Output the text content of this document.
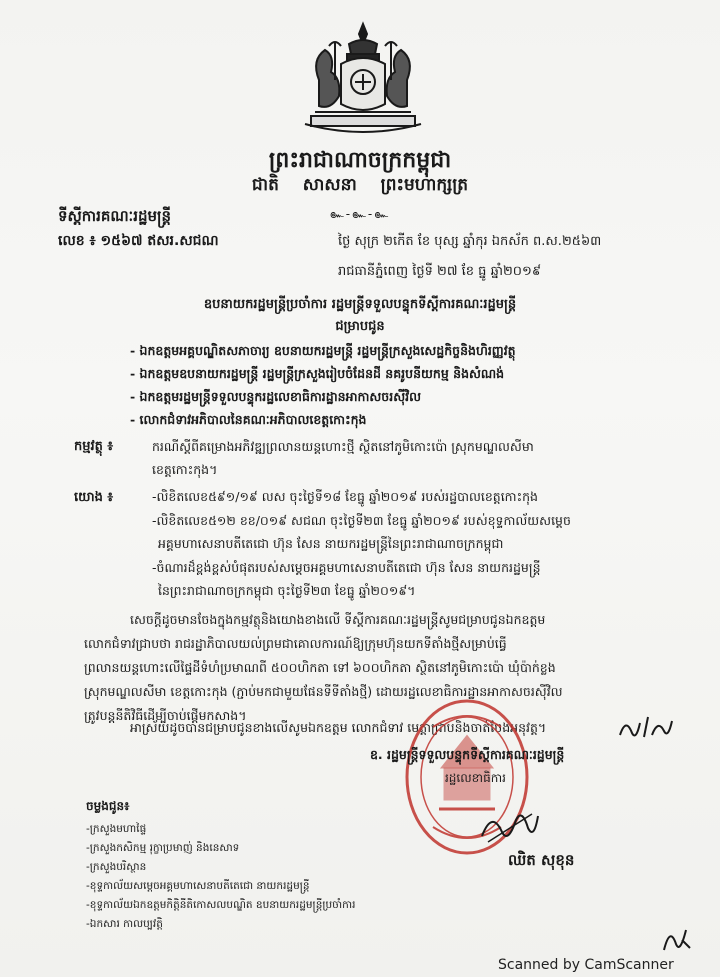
ព្រះរាជាណាចក្រកម្ពុជា
ជាតិ សាសនា ព្រះមហាក្សត្រ
๛-๛-๛
ទីស្តីការគណៈរដ្ឋមន្ត្រី
លេខ ៖ ១៥៦៧ ឥសរ.សជណ	ថ្ងៃ សុក្រ ២កើត ខែ បុស្ស ឆ្នាំកុរ ឯកស័ក ព.ស.២៥៦៣
រាជធានីភ្នំពេញ ថ្ងៃទី ២៧ ខែ ធ្នូ ឆ្នាំ២០១៩
ឧបនាយករដ្ឋមន្ត្រីប្រចាំការ រដ្ឋមន្ត្រីទទួលបន្ទុកទីស្តីការគណៈរដ្ឋមន្ត្រី
ជម្រាបជូន
- ឯកឧត្តមអគ្គបណ្ឌិតសភាចារ្យ ឧបនាយករដ្ឋមន្ត្រី រដ្ឋមន្ត្រីក្រសួងសេដ្ឋកិច្ចនិងហិរញ្ញវត្ថុ
- ឯកឧត្តមឧបនាយករដ្ឋមន្ត្រី រដ្ឋមន្ត្រីក្រសួងរៀបចំដែនដី នគរូបនីយកម្ម និងសំណង់
- ឯកឧត្តមរដ្ឋមន្ត្រីទទួលបន្ទុករដ្ឋលេខាធិការដ្ឋានអាកាសចរស៊ីវិល
- លោកជំទាវអភិបាលនៃគណៈអភិបាលខេត្តកោះកុង
កម្មវត្ថុ ៖	ករណីស្តីពីគម្រោងអភិវឌ្ឍព្រលានយន្តហោះថ្មី ស្ថិតនៅភូមិកោះប៉ោ ស្រុកមណ្ឌលសីមា
ខេត្តកោះកុង។
យោង ៖	-លិខិតលេខ៥៩១/១៩ លស ចុះថ្ងៃទី១៨ ខែធ្នូ ឆ្នាំ២០១៩ របស់រដ្ឋបាលខេត្តកោះកុង
-លិខិតលេខ៥១២ ខខ/០១៩ សជណ ចុះថ្ងៃទី២៣ ខែធ្នូ ឆ្នាំ២០១៩ របស់ខុទ្ទកាល័យសម្តេច
អគ្គមហាសេនាបតីតេជោ ហ៊ុន សែន នាយករដ្ឋមន្ត្រីនៃព្រះរាជាណាចក្រកម្ពុជា
-ចំណារដ៏ខ្ពង់ខ្ពស់បំផុតរបស់សម្តេចអគ្គមហាសេនាបតីតេជោ ហ៊ុន សែន នាយករដ្ឋមន្ត្រី
នៃព្រះរាជាណាចក្រកម្ពុជា ចុះថ្ងៃទី២៣ ខែធ្នូ ឆ្នាំ២០១៩។
សេចក្តីដូចមានចែងក្នុងកម្មវត្ថុនិងយោងខាងលើ ទីស្តីការគណៈរដ្ឋមន្ត្រីសូមជម្រាបជូនឯកឧត្តម
លោកជំទាវជ្រាបថា រាជរដ្ឋាភិបាលយល់ព្រមជាគោលការណ៍ឱ្យក្រុមហ៊ុនយកទីតាំងថ្មីសម្រាប់ធ្វើ
ព្រលានយន្តហោះលើផ្ទៃដីទំហំប្រមាណពី ៥០០ហិកតា ទៅ ៦០០ហិកតា ស្ថិតនៅភូមិកោះប៉ោ ឃុំប៉ាក់ខ្លង
ស្រុកមណ្ឌលសីមា ខេត្តកោះកុង (ភ្ជាប់មកជាមួយផែនទីទីតាំងថ្មី) ដោយរដ្ឋលេខាធិការដ្ឋានអាកាសចរស៊ីវិល
ត្រូវបន្តនីតិវិធីដើម្បីចាប់ផ្តើមកសាង។
អាស្រ័យដូចបានជម្រាបជូនខាងលើសូមឯកឧត្តម លោកជំទាវ មេត្តាជ្រាបនិងចាត់ចែងអនុវត្ត។
ឧ. រដ្ឋមន្ត្រីទទួលបន្ទុកទីស្តីការគណៈរដ្ឋមន្ត្រី
រដ្ឋលេខាធិការ
ឈិត សុខុន
ចម្លងជូន៖
-ក្រសួងមហាផ្ទៃ
-ក្រសួងកសិកម្ម រុក្ខាប្រមាញ់ និងនេសាទ
-ក្រសួងបរិស្ថាន
-ខុទ្ទកាល័យសម្តេចអគ្គមហាសេនាបតីតេជោ នាយករដ្ឋមន្ត្រី
-ខុទ្ទកាល័យឯកឧត្តមកិត្តិនីតិកោសលបណ្ឌិត ឧបនាយករដ្ឋមន្ត្រីប្រចាំការ
-ឯកសារ កាលប្បវត្តិ
Scanned by CamScanner
